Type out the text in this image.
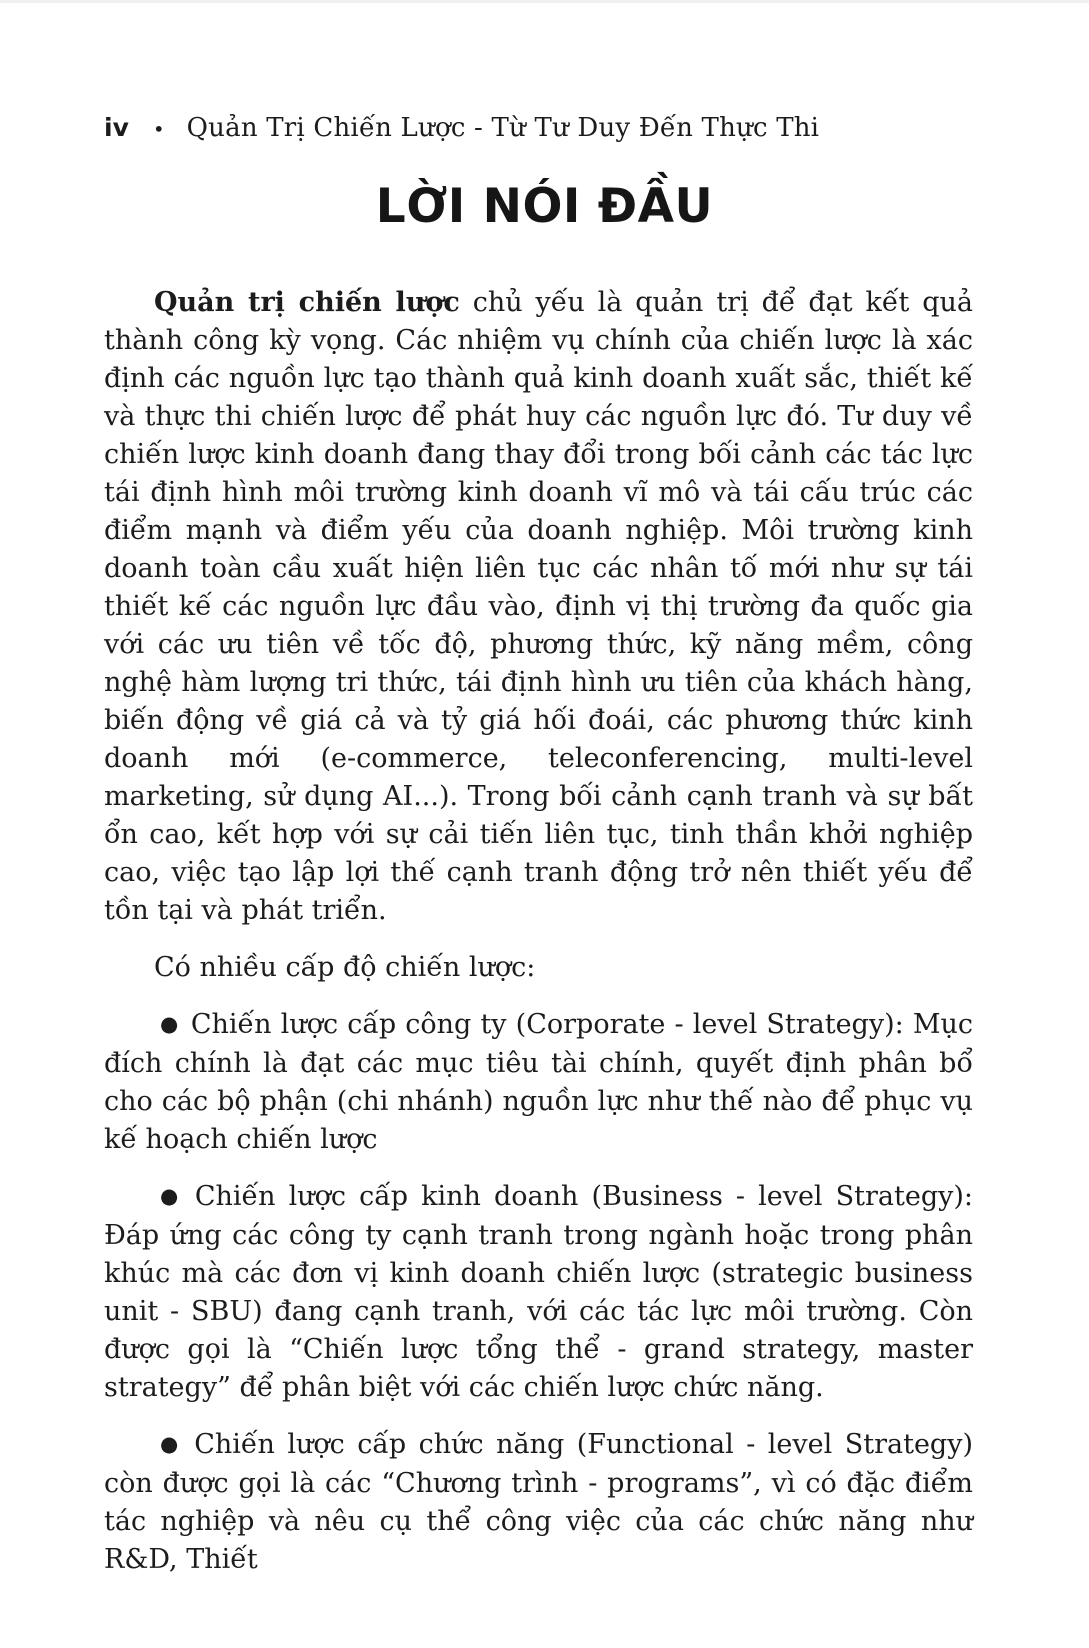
iv • Quản Trị Chiến Lược - Từ Tư Duy Đến Thực Thi
LỜI NÓI ĐẦU

Quản trị chiến lược chủ yếu là quản trị để đạt kết quả thành công kỳ vọng. Các nhiệm vụ chính của chiến lược là xác định các nguồn lực tạo thành quả kinh doanh xuất sắc, thiết kế và thực thi chiến lược để phát huy các nguồn lực đó. Tư duy về chiến lược kinh doanh đang thay đổi trong bối cảnh các tác lực tái định hình môi trường kinh doanh vĩ mô và tái cấu trúc các điểm mạnh và điểm yếu của doanh nghiệp. Môi trường kinh doanh toàn cầu xuất hiện liên tục các nhân tố mới như sự tái thiết kế các nguồn lực đầu vào, định vị thị trường đa quốc gia với các ưu tiên về tốc độ, phương thức, kỹ năng mềm, công nghệ hàm lượng tri thức, tái định hình ưu tiên của khách hàng, biến động về giá cả và tỷ giá hối đoái, các phương thức kinh doanh mới (e-commerce, teleconferencing, multi-level marketing, sử dụng AI...). Trong bối cảnh cạnh tranh và sự bất ổn cao, kết hợp với sự cải tiến liên tục, tinh thần khởi nghiệp cao, việc tạo lập lợi thế cạnh tranh động trở nên thiết yếu để tồn tại và phát triển.

Có nhiều cấp độ chiến lược:

● Chiến lược cấp công ty (Corporate - level Strategy): Mục đích chính là đạt các mục tiêu tài chính, quyết định phân bổ cho các bộ phận (chi nhánh) nguồn lực như thế nào để phục vụ kế hoạch chiến lược

● Chiến lược cấp kinh doanh (Business - level Strategy): Đáp ứng các công ty cạnh tranh trong ngành hoặc trong phân khúc mà các đơn vị kinh doanh chiến lược (strategic business unit - SBU) đang cạnh tranh, với các tác lực môi trường. Còn được gọi là “Chiến lược tổng thể - grand strategy, master strategy” để phân biệt với các chiến lược chức năng.

● Chiến lược cấp chức năng (Functional - level Strategy) còn được gọi là các “Chương trình - programs”, vì có đặc điểm tác nghiệp và nêu cụ thể công việc của các chức năng như R&D, Thiết
